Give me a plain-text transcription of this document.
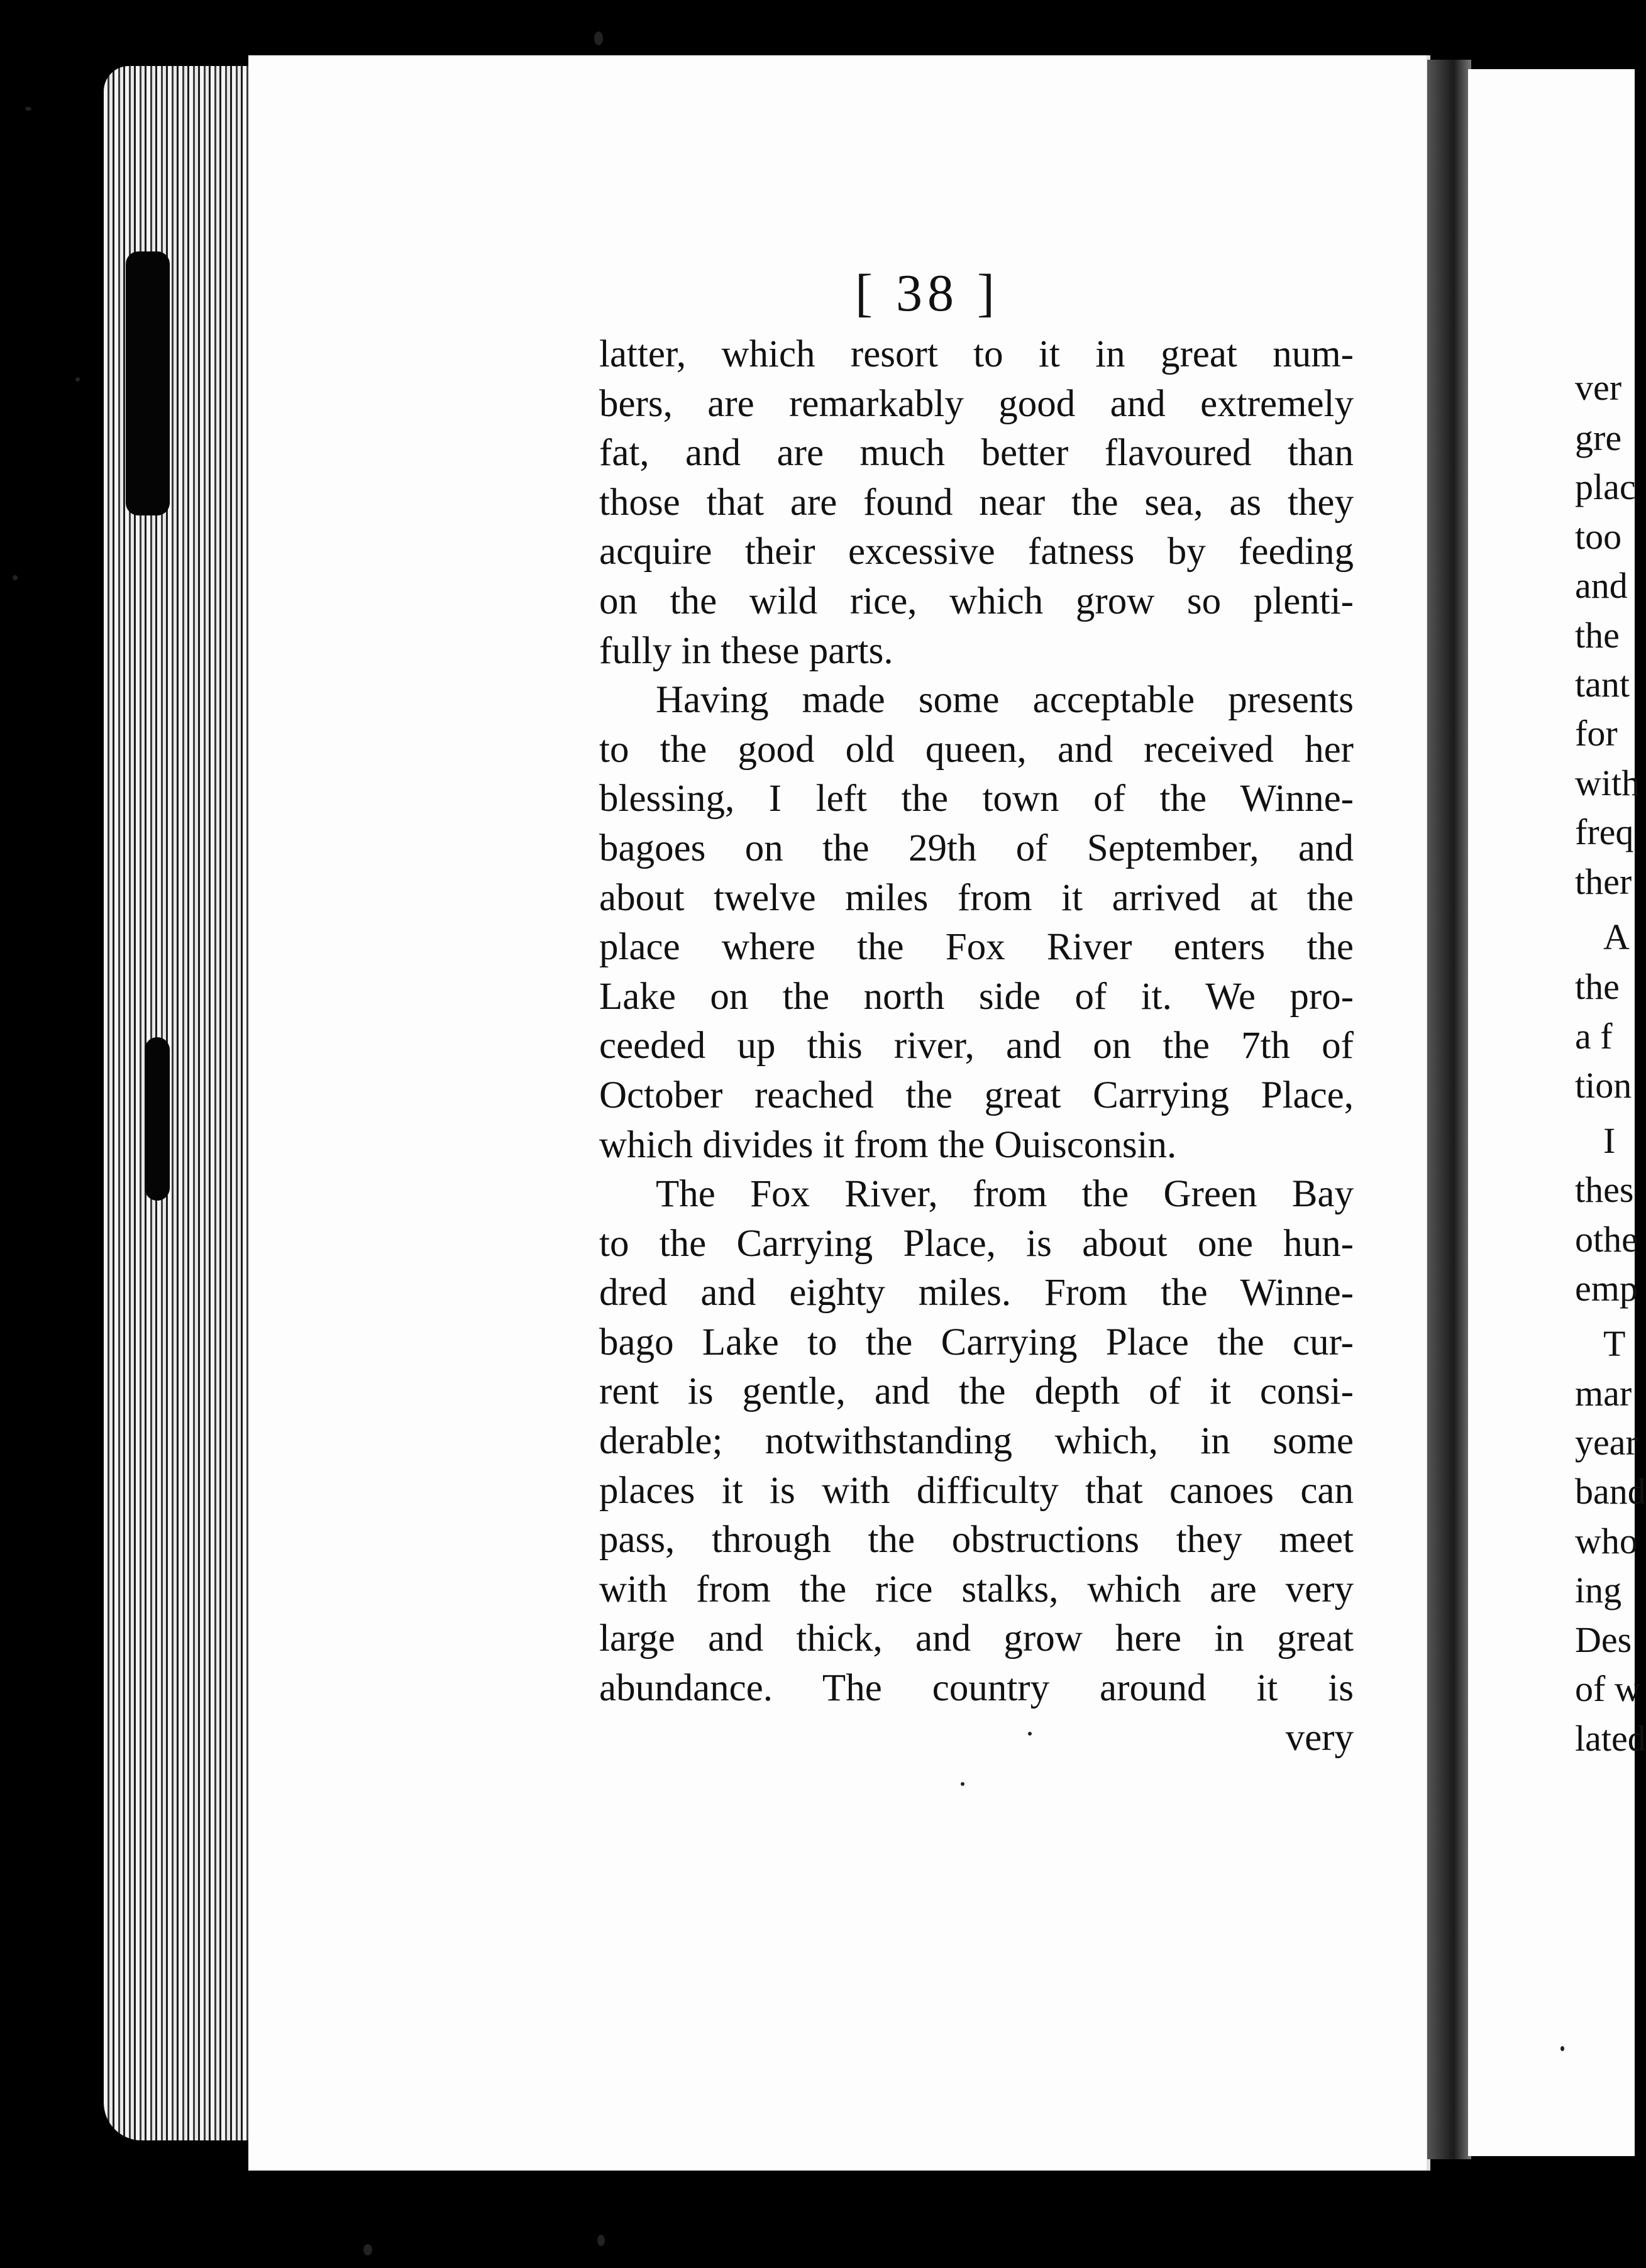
ver
gre
plac
too
and
the
tant
for
with
freq
ther
A
the
a f
tion
I
thes
othe
emp
T
mar
year
band
who
ing
Des
of w
lated
[ 38 ]
latter, which resort to it in great num-
bers, are remarkably good and extremely
fat, and are much better flavoured than
those that are found near the sea, as they
acquire their excessive fatness by feeding
on the wild rice, which grow so plenti-
fully in these parts.
Having made some acceptable presents
to the good old queen, and received her
blessing, I left the town of the Winne-
bagoes on the 29th of September, and
about twelve miles from it arrived at the
place where the Fox River enters the
Lake on the north side of it. We pro-
ceeded up this river, and on the 7th of
October reached the great Carrying Place,
which divides it from the Ouisconsin.
The Fox River, from the Green Bay
to the Carrying Place, is about one hun-
dred and eighty miles. From the Winne-
bago Lake to the Carrying Place the cur-
rent is gentle, and the depth of it consi-
derable; notwithstanding which, in some
places it is with difficulty that canoes can
pass, through the obstructions they meet
with from the rice stalks, which are very
large and thick, and grow here in great
abundance. The country around it is
very
